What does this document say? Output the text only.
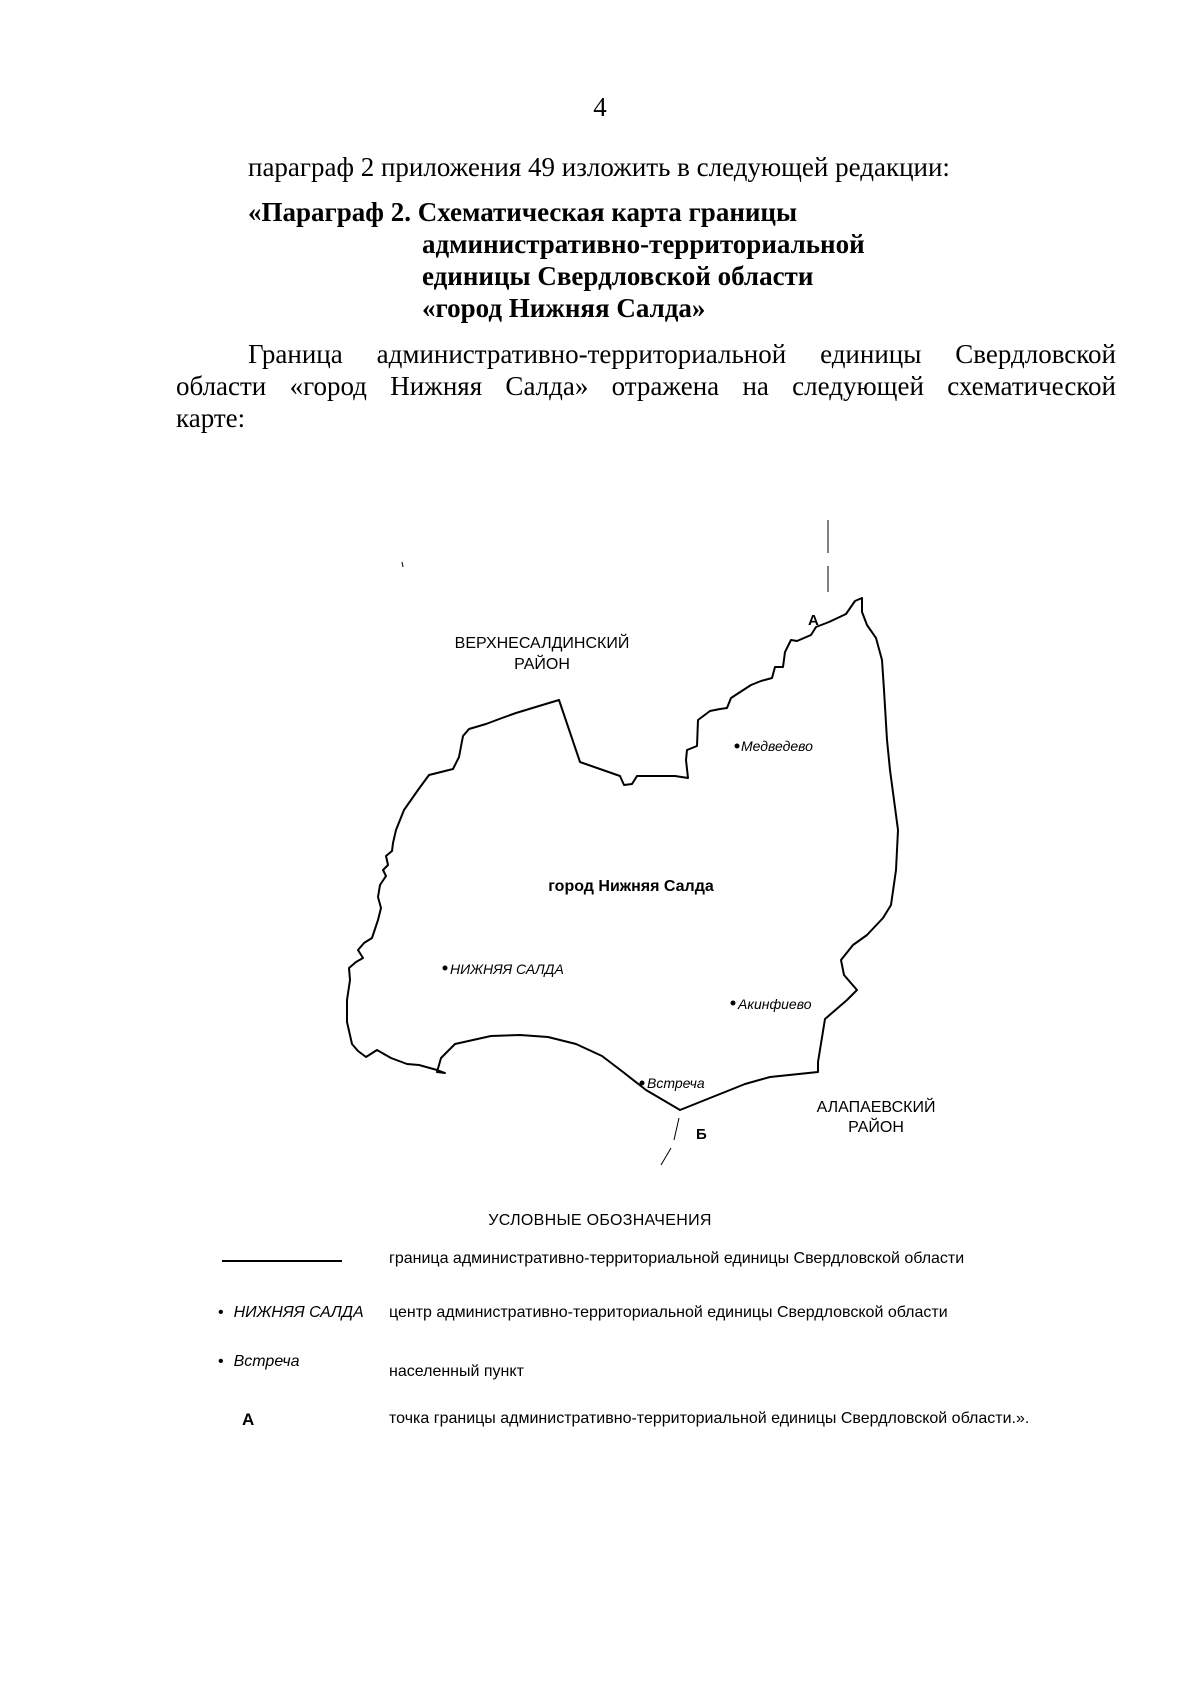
4
параграф 2 приложения 49 изложить в следующей редакции:
«Параграф 2. Схематическая карта границы
административно-территориальной
единицы Свердловской области
«город Нижняя Салда»
Граница административно-территориальной единицы Свердловской
области «город Нижняя Салда» отражена на следующей схематической
карте:
ВЕРХНЕСАЛДИНСКИЙ
РАЙОН
АЛАПАЕВСКИЙ
РАЙОН
город Нижняя Салда
Медведево
НИЖНЯЯ САЛДА
Акинфиево
Встреча
А
Б
УСЛОВНЫЕ ОБОЗНАЧЕНИЯ
граница административно-территориальной единицы Свердловской области
• НИЖНЯЯ САЛДА центр административно-территориальной единицы Свердловской области
• Встреча
населенный пункт
А	точка границы административно-территориальной единицы Свердловской области.».
